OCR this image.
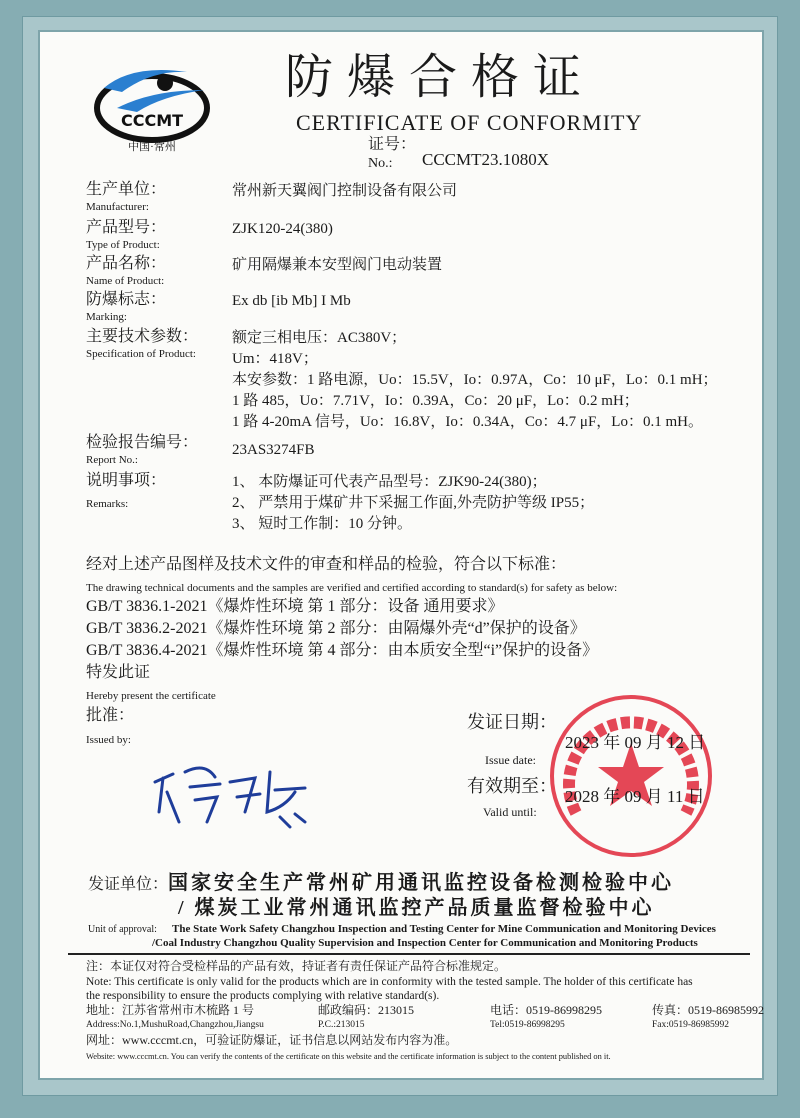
CCCMT
中国·常州
防爆合格证
CERTIFICATE OF CONFORMITY
证号：
No.: CCCMT23.1080X
生产单位：
Manufacturer:
常州新天翼阀门控制设备有限公司
产品型号：
Type of Product:
ZJK120-24(380)
产品名称：
Name of Product:
矿用隔爆兼本安型阀门电动装置
防爆标志：
Marking:
Ex db [ib Mb] I Mb
主要技术参数：
Specification of Product:
额定三相电压：AC380V；
Um：418V；
本安参数：1 路电源，Uo：15.5V，Io：0.97A，Co：10 μF，Lo：0.1 mH；
1 路 485，Uo：7.71V，Io：0.39A，Co：20 μF，Lo：0.2 mH；
1 路 4-20mA 信号，Uo：16.8V，Io：0.34A，Co：4.7 μF，Lo：0.1 mH。
检验报告编号：
Report No.:
23AS3274FB
说明事项：
Remarks:
1、 本防爆证可代表产品型号：ZJK90-24(380)；
2、 严禁用于煤矿井下采掘工作面,外壳防护等级 IP55；
3、 短时工作制：10 分钟。
经对上述产品图样及技术文件的审查和样品的检验，符合以下标准：
The drawing technical documents and the samples are verified and certified according to standard(s) for safety as below:
GB/T 3836.1-2021《爆炸性环境 第 1 部分：设备 通用要求》
GB/T 3836.2-2021《爆炸性环境 第 2 部分：由隔爆外壳“d”保护的设备》
GB/T 3836.4-2021《爆炸性环境 第 4 部分：由本质安全型“i”保护的设备》
特发此证
Hereby present the certificate
批准：
Issued by:
发证日期：
2023 年 09 月 12 日
Issue date:
有效期至：
2028 年 09 月 11 日
Valid until:
发证单位： 国家安全生产常州矿用通讯监控设备检测检验中心
/ 煤炭工业常州通讯监控产品质量监督检验中心
Unit of approval: The State Work Safety Changzhou Inspection and Testing Center for Mine Communication and Monitoring Devices
/Coal Industry Changzhou Quality Supervision and Inspection Center for Communication and Monitoring Products
注：本证仅对符合受检样品的产品有效，持证者有责任保证产品符合标准规定。
Note: This certificate is only valid for the products which are in conformity with the tested sample. The holder of this certificate has
the responsibility to ensure the products complying with relative standard(s).
地址：江苏省常州市木梳路 1 号	邮政编码：213015	电话：0519-86998295	传真：0519-86985992
Address:No.1,MushuRoad,Changzhou,Jiangsu	P.C.:213015	Tel:0519-86998295	Fax:0519-86985992
网址：www.cccmt.cn，可验证防爆证，证书信息以网站发布内容为准。
Website: www.cccmt.cn. You can verify the contents of the certificate on this website and the certificate information is subject to the content published on it.
